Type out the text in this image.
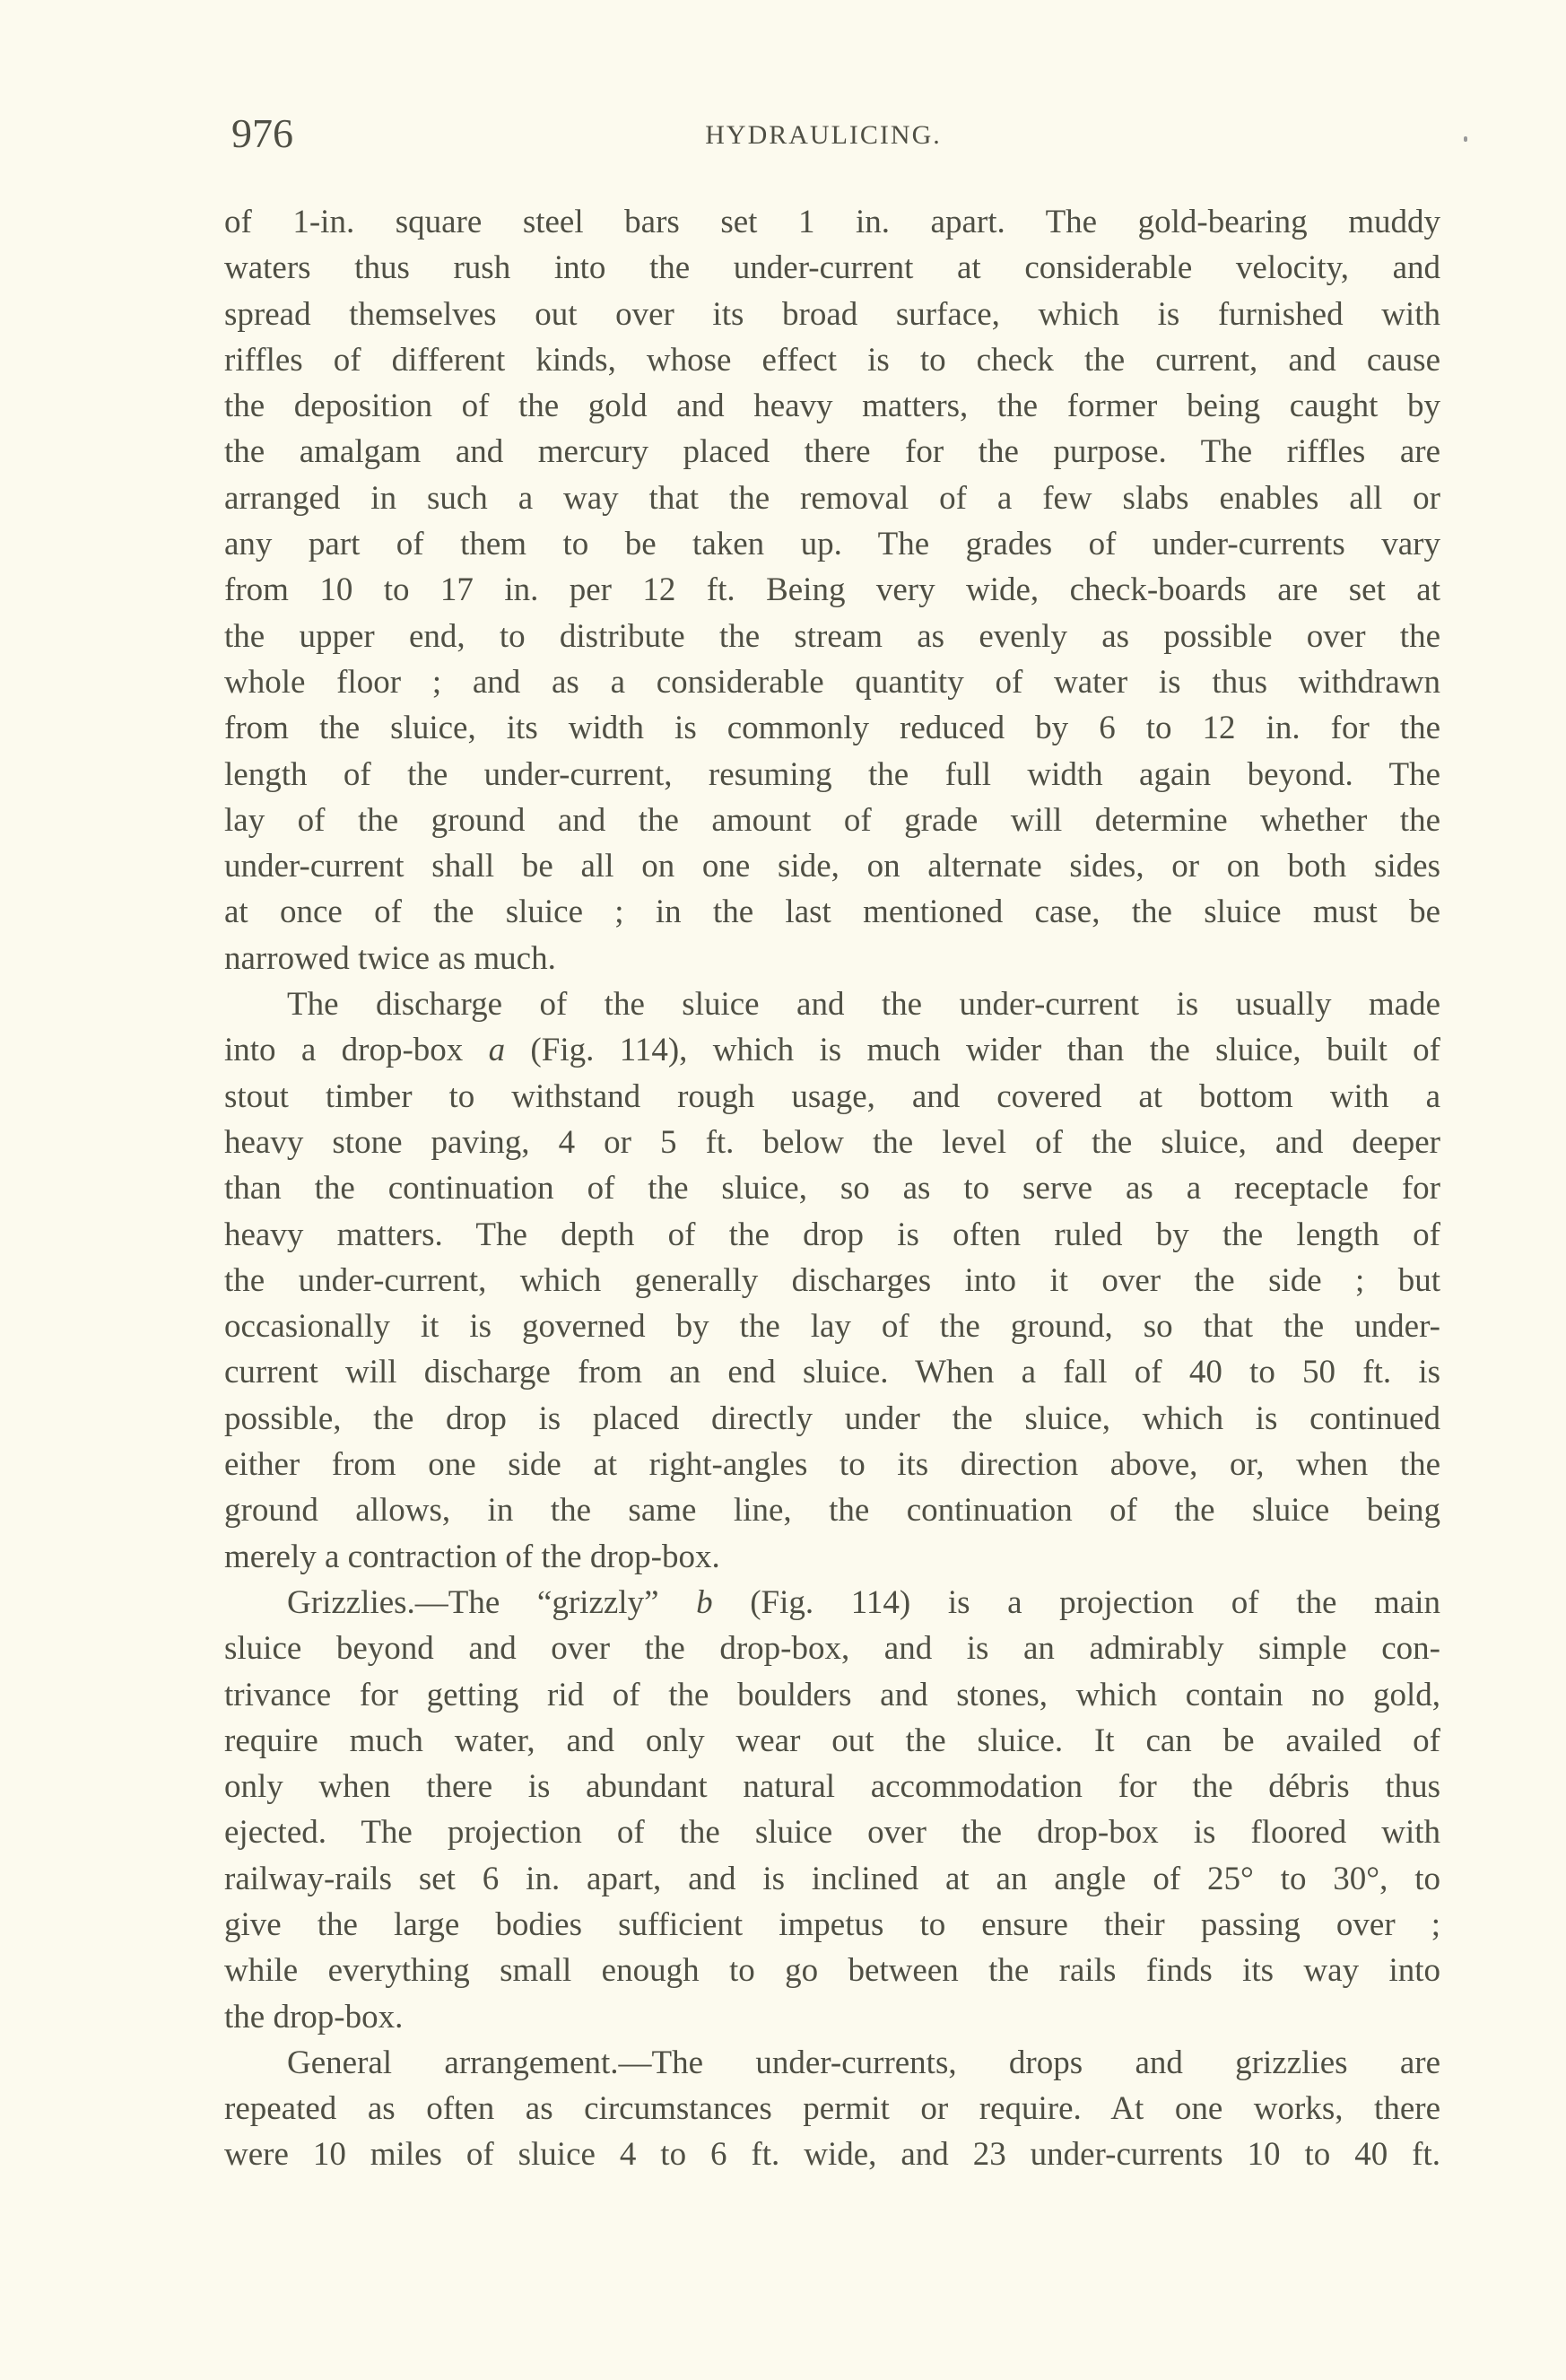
976	HYDRAULICING.
of 1-in. square steel bars set 1 in. apart. The gold-bearing muddy
waters thus rush into the under-current at considerable velocity, and
spread themselves out over its broad surface, which is furnished with
riffles of different kinds, whose effect is to check the current, and cause
the deposition of the gold and heavy matters, the former being caught by
the amalgam and mercury placed there for the purpose. The riffles are
arranged in such a way that the removal of a few slabs enables all or
any part of them to be taken up. The grades of under-currents vary
from 10 to 17 in. per 12 ft. Being very wide, check-boards are set at
the upper end, to distribute the stream as evenly as possible over the
whole floor ; and as a considerable quantity of water is thus withdrawn
from the sluice, its width is commonly reduced by 6 to 12 in. for the
length of the under-current, resuming the full width again beyond. The
lay of the ground and the amount of grade will determine whether the
under-current shall be all on one side, on alternate sides, or on both sides
at once of the sluice ; in the last mentioned case, the sluice must be
narrowed twice as much.
The discharge of the sluice and the under-current is usually made
into a drop-box a (Fig. 114), which is much wider than the sluice, built of
stout timber to withstand rough usage, and covered at bottom with a
heavy stone paving, 4 or 5 ft. below the level of the sluice, and deeper
than the continuation of the sluice, so as to serve as a receptacle for
heavy matters. The depth of the drop is often ruled by the length of
the under-current, which generally discharges into it over the side ; but
occasionally it is governed by the lay of the ground, so that the under-
current will discharge from an end sluice. When a fall of 40 to 50 ft. is
possible, the drop is placed directly under the sluice, which is continued
either from one side at right-angles to its direction above, or, when the
ground allows, in the same line, the continuation of the sluice being
merely a contraction of the drop-box.
Grizzlies.—The “grizzly” b (Fig. 114) is a projection of the main
sluice beyond and over the drop-box, and is an admirably simple con-
trivance for getting rid of the boulders and stones, which contain no gold,
require much water, and only wear out the sluice. It can be availed of
only when there is abundant natural accommodation for the débris thus
ejected. The projection of the sluice over the drop-box is floored with
railway-rails set 6 in. apart, and is inclined at an angle of 25° to 30°, to
give the large bodies sufficient impetus to ensure their passing over ;
while everything small enough to go between the rails finds its way into
the drop-box.
General arrangement.—The under-currents, drops and grizzlies are
repeated as often as circumstances permit or require. At one works, there
were 10 miles of sluice 4 to 6 ft. wide, and 23 under-currents 10 to 40 ft.
